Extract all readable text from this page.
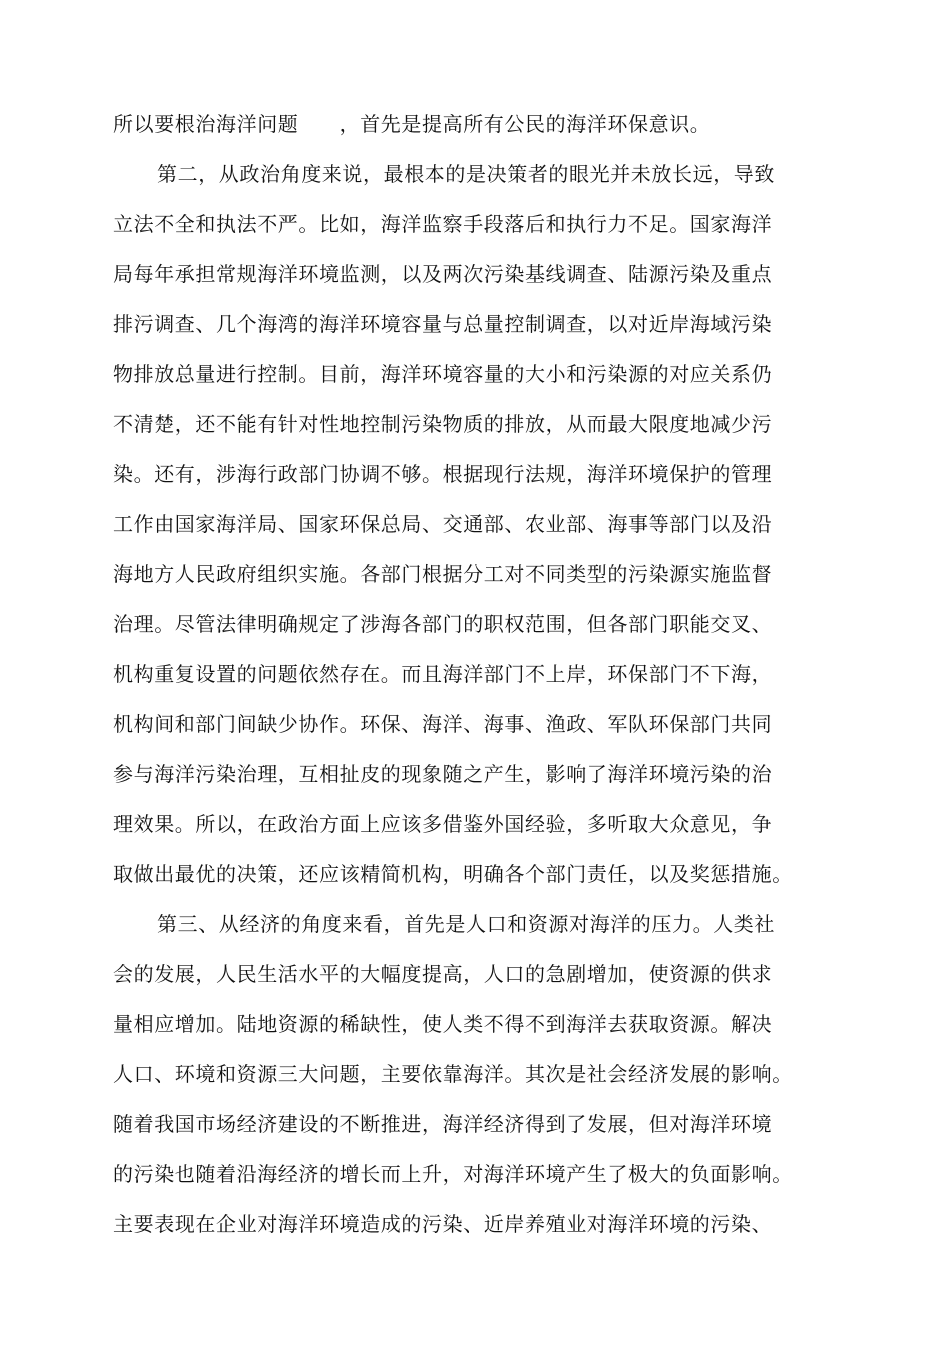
所以要根治海洋问题　　，首先是提高所有公民的海洋环保意识。
第二，从政治角度来说，最根本的是决策者的眼光并未放长远，导致
立法不全和执法不严。比如，海洋监察手段落后和执行力不足。国家海洋
局每年承担常规海洋环境监测，以及两次污染基线调查、陆源污染及重点
排污调查、几个海湾的海洋环境容量与总量控制调查，以对近岸海域污染
物排放总量进行控制。目前，海洋环境容量的大小和污染源的对应关系仍
不清楚，还不能有针对性地控制污染物质的排放，从而最大限度地减少污
染。还有，涉海行政部门协调不够。根据现行法规，海洋环境保护的管理
工作由国家海洋局、国家环保总局、交通部、农业部、海事等部门以及沿
海地方人民政府组织实施。各部门根据分工对不同类型的污染源实施监督
治理。尽管法律明确规定了涉海各部门的职权范围，但各部门职能交叉、
机构重复设置的问题依然存在。而且海洋部门不上岸，环保部门不下海，
机构间和部门间缺少协作。环保、海洋、海事、渔政、军队环保部门共同
参与海洋污染治理，互相扯皮的现象随之产生，影响了海洋环境污染的治
理效果。所以，在政治方面上应该多借鉴外国经验，多听取大众意见，争
取做出最优的决策，还应该精简机构，明确各个部门责任，以及奖惩措施。
第三、从经济的角度来看，首先是人口和资源对海洋的压力。人类社
会的发展，人民生活水平的大幅度提高，人口的急剧增加，使资源的供求
量相应增加。陆地资源的稀缺性，使人类不得不到海洋去获取资源。解决
人口、环境和资源三大问题，主要依靠海洋。其次是社会经济发展的影响。
随着我国市场经济建设的不断推进，海洋经济得到了发展，但对海洋环境
的污染也随着沿海经济的增长而上升，对海洋环境产生了极大的负面影响。
主要表现在企业对海洋环境造成的污染、近岸养殖业对海洋环境的污染、
